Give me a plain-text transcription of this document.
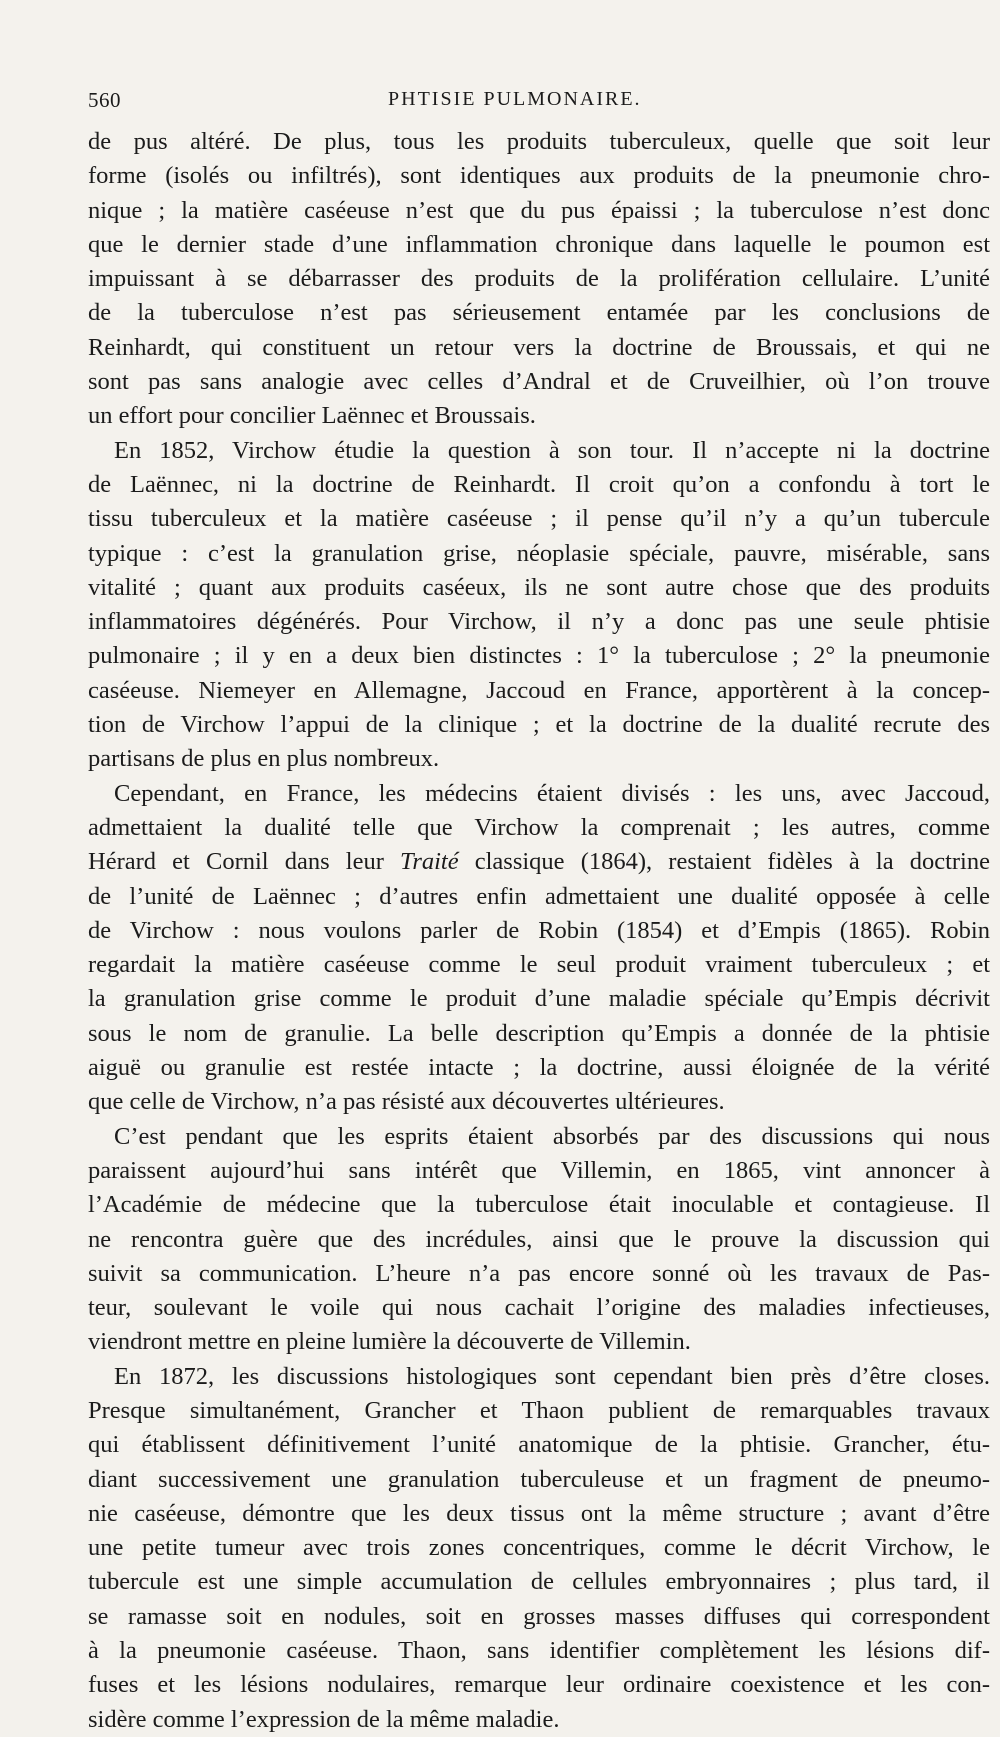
560	PHTISIE PULMONAIRE.
de pus altéré. De plus, tous les produits tuberculeux, quelle que soit leur
forme (isolés ou infiltrés), sont identiques aux produits de la pneumonie chro-
nique ; la matière caséeuse n’est que du pus épaissi ; la tuberculose n’est donc
que le dernier stade d’une inflammation chronique dans laquelle le poumon est
impuissant à se débarrasser des produits de la prolifération cellulaire. L’unité
de la tuberculose n’est pas sérieusement entamée par les conclusions de
Reinhardt, qui constituent un retour vers la doctrine de Broussais, et qui ne
sont pas sans analogie avec celles d’Andral et de Cruveilhier, où l’on trouve
un effort pour concilier Laënnec et Broussais.
En 1852, Virchow étudie la question à son tour. Il n’accepte ni la doctrine
de Laënnec, ni la doctrine de Reinhardt. Il croit qu’on a confondu à tort le
tissu tuberculeux et la matière caséeuse ; il pense qu’il n’y a qu’un tubercule
typique : c’est la granulation grise, néoplasie spéciale, pauvre, misérable, sans
vitalité ; quant aux produits caséeux, ils ne sont autre chose que des produits
inflammatoires dégénérés. Pour Virchow, il n’y a donc pas une seule phtisie
pulmonaire ; il y en a deux bien distinctes : 1° la tuberculose ; 2° la pneumonie
caséeuse. Niemeyer en Allemagne, Jaccoud en France, apportèrent à la concep-
tion de Virchow l’appui de la clinique ; et la doctrine de la dualité recrute des
partisans de plus en plus nombreux.
Cependant, en France, les médecins étaient divisés : les uns, avec Jaccoud,
admettaient la dualité telle que Virchow la comprenait ; les autres, comme
Hérard et Cornil dans leur Traité classique (1864), restaient fidèles à la doctrine
de l’unité de Laënnec ; d’autres enfin admettaient une dualité opposée à celle
de Virchow : nous voulons parler de Robin (1854) et d’Empis (1865). Robin
regardait la matière caséeuse comme le seul produit vraiment tuberculeux ; et
la granulation grise comme le produit d’une maladie spéciale qu’Empis décrivit
sous le nom de granulie. La belle description qu’Empis a donnée de la phtisie
aiguë ou granulie est restée intacte ; la doctrine, aussi éloignée de la vérité
que celle de Virchow, n’a pas résisté aux découvertes ultérieures.
C’est pendant que les esprits étaient absorbés par des discussions qui nous
paraissent aujourd’hui sans intérêt que Villemin, en 1865, vint annoncer à
l’Académie de médecine que la tuberculose était inoculable et contagieuse. Il
ne rencontra guère que des incrédules, ainsi que le prouve la discussion qui
suivit sa communication. L’heure n’a pas encore sonné où les travaux de Pas-
teur, soulevant le voile qui nous cachait l’origine des maladies infectieuses,
viendront mettre en pleine lumière la découverte de Villemin.
En 1872, les discussions histologiques sont cependant bien près d’être closes.
Presque simultanément, Grancher et Thaon publient de remarquables travaux
qui établissent définitivement l’unité anatomique de la phtisie. Grancher, étu-
diant successivement une granulation tuberculeuse et un fragment de pneumo-
nie caséeuse, démontre que les deux tissus ont la même structure ; avant d’être
une petite tumeur avec trois zones concentriques, comme le décrit Virchow, le
tubercule est une simple accumulation de cellules embryonnaires ; plus tard, il
se ramasse soit en nodules, soit en grosses masses diffuses qui correspondent
à la pneumonie caséeuse. Thaon, sans identifier complètement les lésions dif-
fuses et les lésions nodulaires, remarque leur ordinaire coexistence et les con-
sidère comme l’expression de la même maladie.
